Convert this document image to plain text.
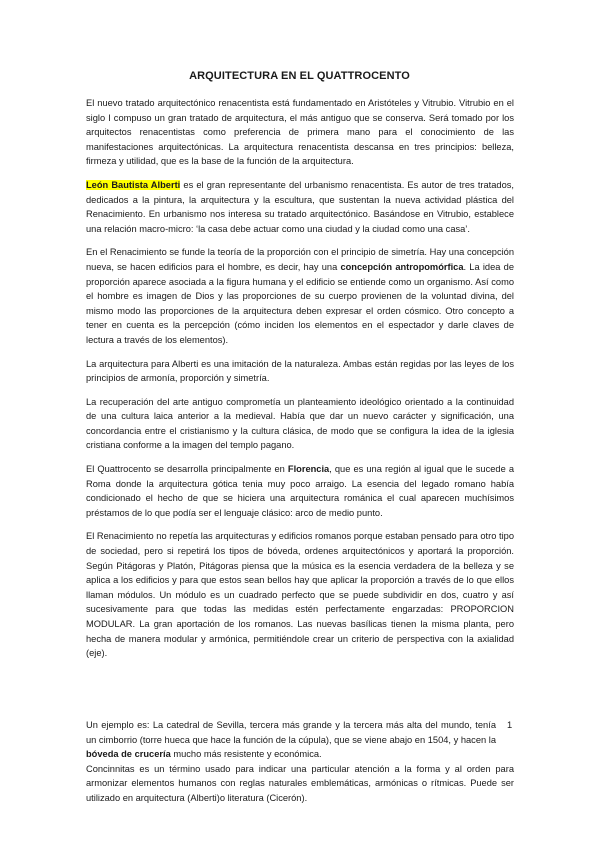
ARQUITECTURA EN EL QUATTROCENTO

El nuevo tratado arquitectónico renacentista está fundamentado en Aristóteles y Vitrubio. Vitrubio en el siglo I compuso un gran tratado de arquitectura, el más antiguo que se conserva. Será tomado por los arquitectos renacentistas como preferencia de primera mano para el conocimiento de las manifestaciones arquitectónicas. La arquitectura renacentista descansa en tres principios: belleza, firmeza y utilidad, que es la base de la función de la arquitectura.

León Bautista Alberti es el gran representante del urbanismo renacentista. Es autor de tres tratados, dedicados a la pintura, la arquitectura y la escultura, que sustentan la nueva actividad plástica del Renacimiento. En urbanismo nos interesa su tratado arquitectónico. Basándose en Vitrubio, establece una relación macro-micro: ‘la casa debe actuar como una ciudad y la ciudad como una casa’.

En el Renacimiento se funde la teoría de la proporción con el principio de simetría. Hay una concepción nueva, se hacen edificios para el hombre, es decir, hay una concepción antropomórfica. La idea de proporción aparece asociada a la figura humana y el edificio se entiende como un organismo. Así como el hombre es imagen de Dios y las proporciones de su cuerpo provienen de la voluntad divina, del mismo modo las proporciones de la arquitectura deben expresar el orden cósmico. Otro concepto a tener en cuenta es la percepción (cómo inciden los elementos en el espectador y darle claves de lectura a través de los elementos).

La arquitectura para Alberti es una imitación de la naturaleza. Ambas están regidas por las leyes de los principios de armonía, proporción y simetría.

La recuperación del arte antiguo comprometía un planteamiento ideológico orientado a la continuidad de una cultura laica anterior a la medieval. Había que dar un nuevo carácter y significación, una concordancia entre el cristianismo y la cultura clásica, de modo que se configura la idea de la iglesia cristiana conforme a la imagen del templo pagano.

El Quattrocento se desarrolla principalmente en Florencia, que es una región al igual que le sucede a Roma donde la arquitectura gótica tenia muy poco arraigo. La esencia del legado romano había condicionado el hecho de que se hiciera una arquitectura románica el cual aparecen muchísimos préstamos de lo que podía ser el lenguaje clásico: arco de medio punto.

El Renacimiento no repetía las arquitecturas y edificios romanos porque estaban pensado para otro tipo de sociedad, pero si repetirá los tipos de bóveda, ordenes arquitectónicos y aportará la proporción. Según Pitágoras y Platón, Pitágoras piensa que la música es la esencia verdadera de la belleza y se aplica a los edificios y para que estos sean bellos hay que aplicar la proporción a través de lo que ellos llaman módulos. Un módulo es un cuadrado perfecto que se puede subdividir en dos, cuatro y así sucesivamente para que todas las medidas estén perfectamente engarzadas: PROPORCION MODULAR. La gran aportación de los romanos. Las nuevas basílicas tienen la misma planta, pero hecha de manera modular y armónica, permitiéndole crear un criterio de perspectiva con la axialidad (eje).

1

Un ejemplo es: La catedral de Sevilla, tercera más grande y la tercera más alta del mundo, tenía un cimborrio (torre hueca que hace la función de la cúpula), que se viene abajo en 1504, y hacen la bóveda de crucería mucho más resistente y económica.

Concinnitas es un término usado para indicar una particular atención a la forma y al orden para armonizar elementos humanos con reglas naturales emblemáticas, armónicas o rítmicas. Puede ser utilizado en arquitectura (Alberti)o literatura (Cicerón).
